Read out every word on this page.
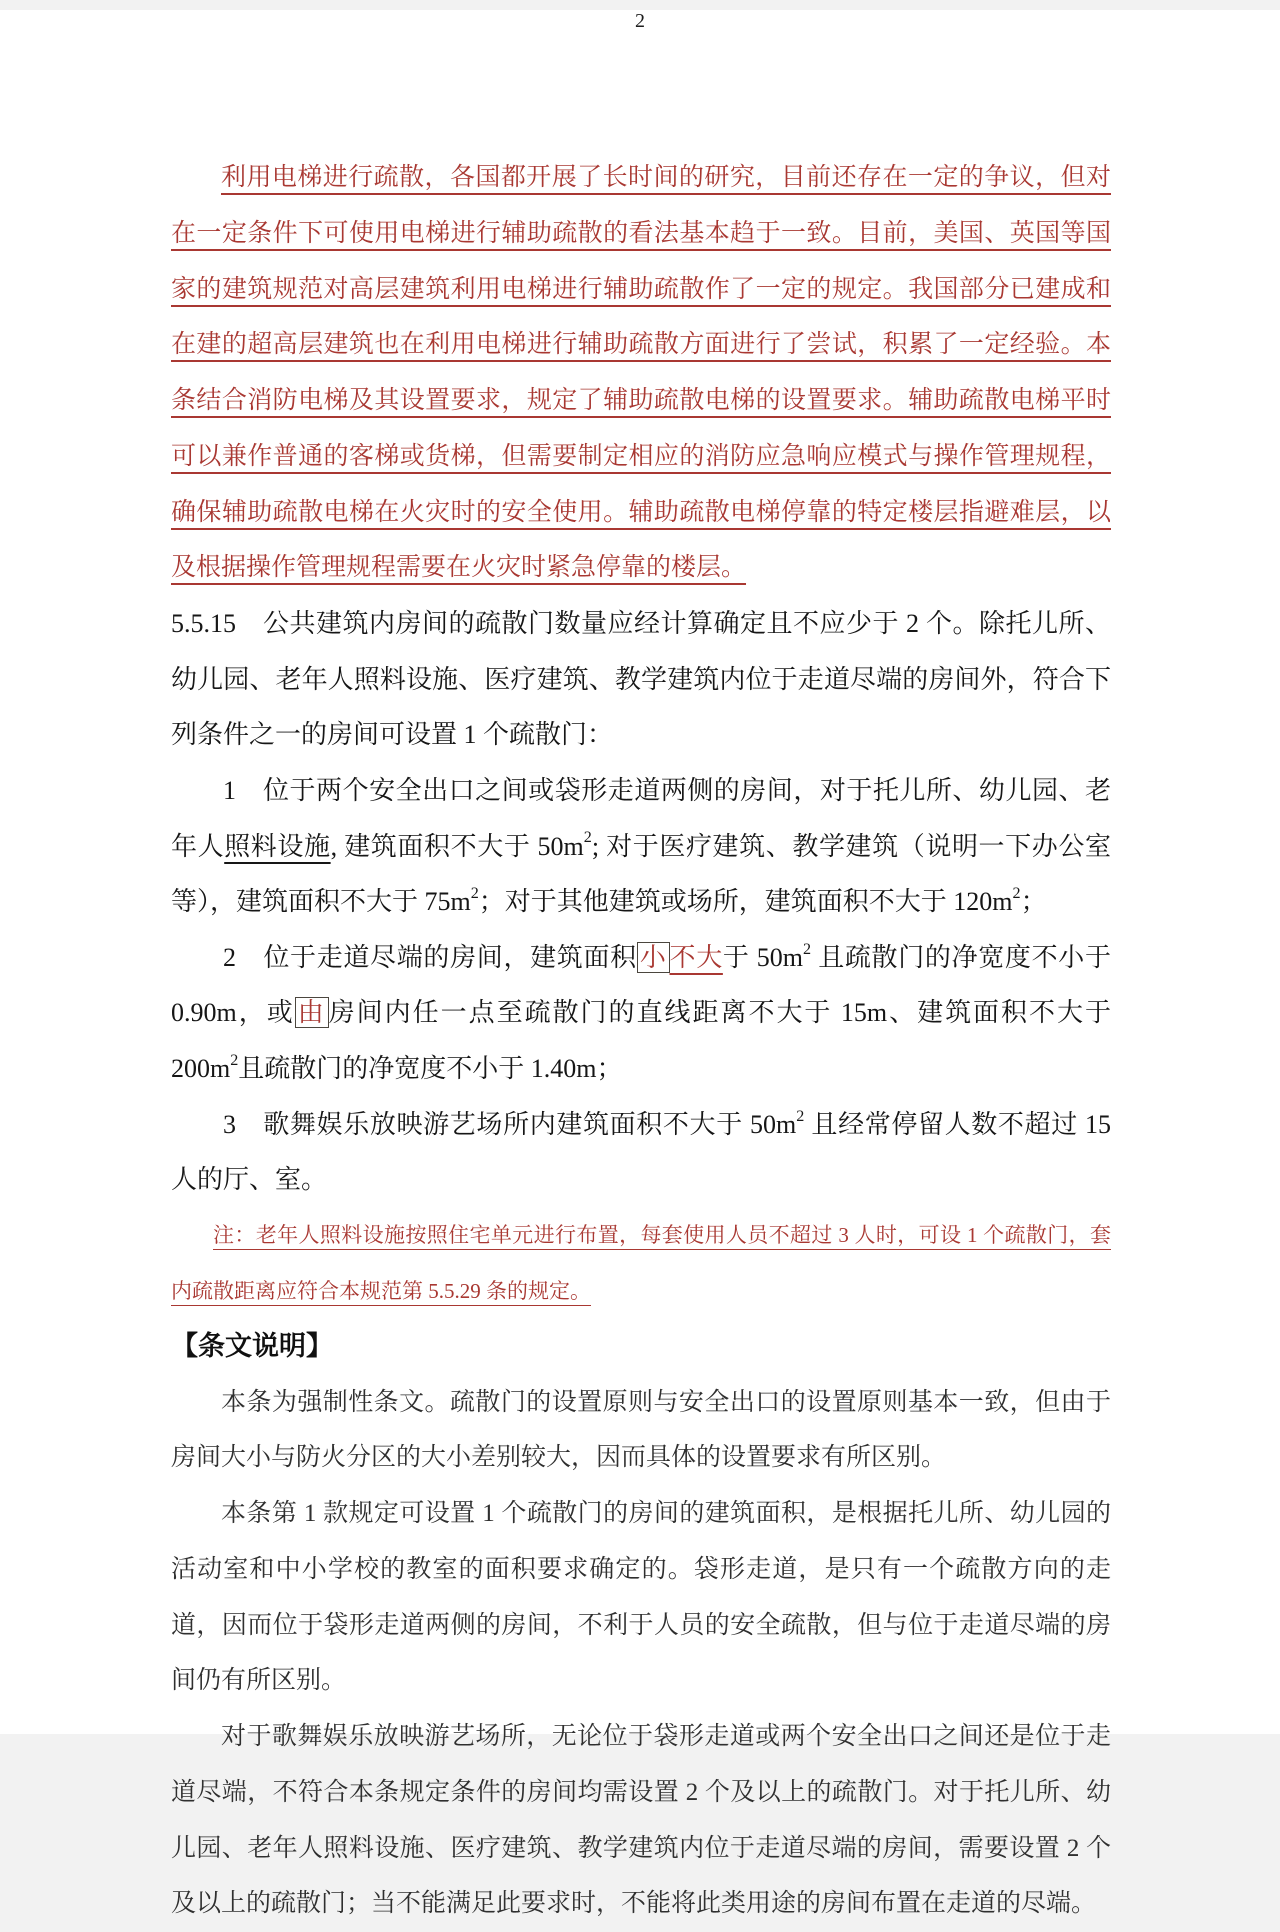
利用电梯进行疏散，各国都开展了长时间的研究，目前还存在一定的争议，但对在一定条件下可使用电梯进行辅助疏散的看法基本趋于一致。目前，美国、英国等国家的建筑规范对高层建筑利用电梯进行辅助疏散作了一定的规定。我国部分已建成和在建的超高层建筑也在利用电梯进行辅助疏散方面进行了尝试，积累了一定经验。本条结合消防电梯及其设置要求，规定了辅助疏散电梯的设置要求。辅助疏散电梯平时可以兼作普通的客梯或货梯，但需要制定相应的消防应急响应模式与操作管理规程，确保辅助疏散电梯在火灾时的安全使用。辅助疏散电梯停靠的特定楼层指避难层，以及根据操作管理规程需要在火灾时紧急停靠的楼层。

5.5.15　公共建筑内房间的疏散门数量应经计算确定且不应少于 2 个。除托儿所、幼儿园、老年人照料设施、医疗建筑、教学建筑内位于走道尽端的房间外，符合下列条件之一的房间可设置 1 个疏散门：

1　位于两个安全出口之间或袋形走道两侧的房间，对于托儿所、幼儿园、老年人照料设施, 建筑面积不大于 $50m^2$; 对于医疗建筑、教学建筑（说明一下办公室等），建筑面积不大于 $75m^2$；对于其他建筑或场所，建筑面积不大于 $120m^2$；

2　位于走道尽端的房间，建筑面积 小 不大于 $50m^2$ 且疏散门的净宽度不小于 0.90m，或 由 房间内任一点至疏散门的直线距离不大于 15m、建筑面积不大于 $200m^2$且疏散门的净宽度不小于 1.40m；

3　歌舞娱乐放映游艺场所内建筑面积不大于 $50m^2$ 且经常停留人数不超过 15 人的厅、室。

注：老年人照料设施按照住宅单元进行布置，每套使用人员不超过 3 人时，可设 1 个疏散门，套内疏散距离应符合本规范第 5.5.29 条的规定。

【条文说明】

本条为强制性条文。疏散门的设置原则与安全出口的设置原则基本一致，但由于房间大小与防火分区的大小差别较大，因而具体的设置要求有所区别。

本条第 1 款规定可设置 1 个疏散门的房间的建筑面积，是根据托儿所、幼儿园的活动室和中小学校的教室的面积要求确定的。袋形走道，是只有一个疏散方向的走道，因而位于袋形走道两侧的房间，不利于人员的安全疏散，但与位于走道尽端的房间仍有所区别。

对于歌舞娱乐放映游艺场所，无论位于袋形走道或两个安全出口之间还是位于走道尽端，不符合本条规定条件的房间均需设置 2 个及以上的疏散门。对于托儿所、幼儿园、老年人照料设施、医疗建筑、教学建筑内位于走道尽端的房间，需要设置 2 个及以上的疏散门；当不能满足此要求时，不能将此类用途的房间布置在走道的尽端。

2
